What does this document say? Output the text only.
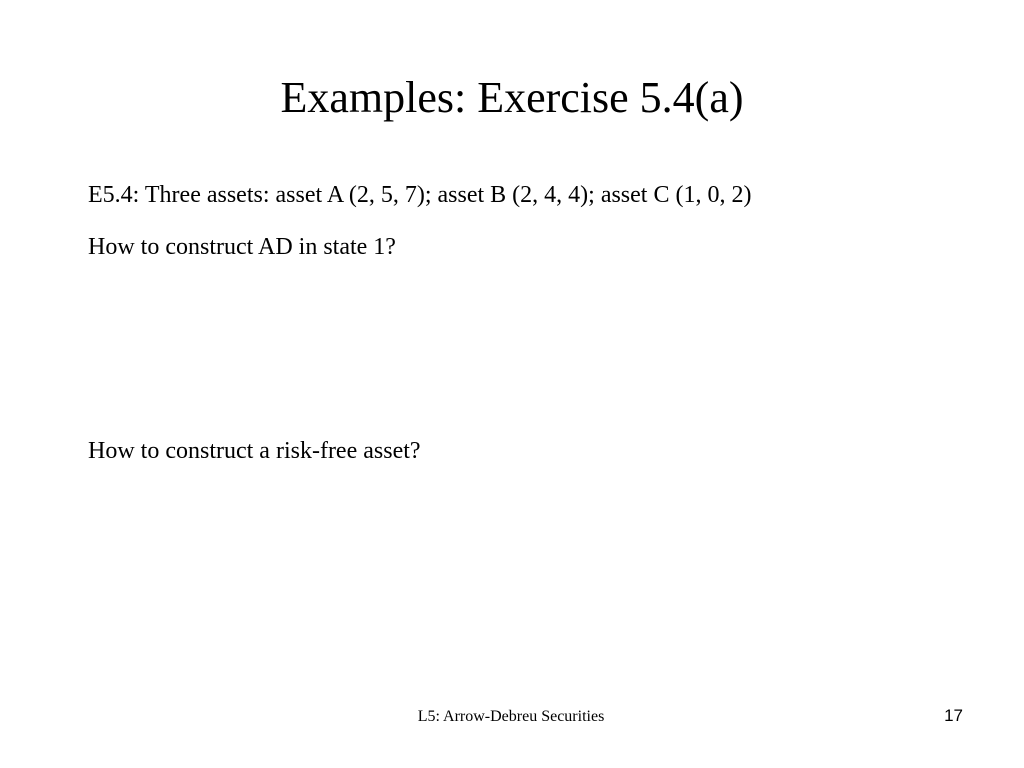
Examples: Exercise 5.4(a)
E5.4: Three assets: asset A (2, 5, 7); asset B (2, 4, 4); asset C (1, 0, 2)
How to construct AD in state 1?
How to construct a risk-free asset?
L5: Arrow-Debreu Securities	17
